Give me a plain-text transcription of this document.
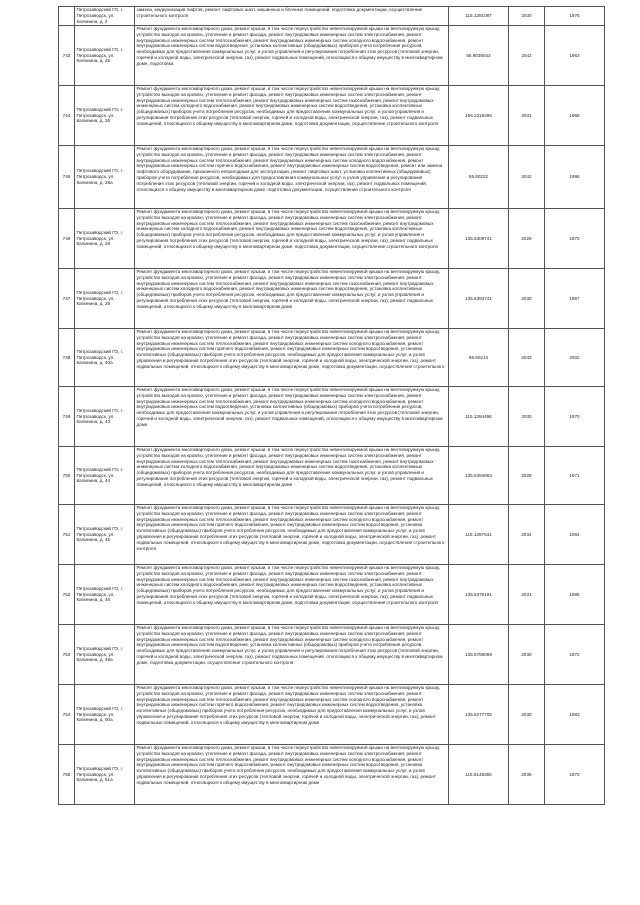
	Петрозаводский ГО, г. Петрозаводск, ул. Калинина, д. 2	замена, модернизация лифтов, ремонт лифтовых шахт, машинных и блочных помещений, подготовка документации, осуществление строительного контроля	115.1391087	2030	1976
743	Петрозаводский ГО, г. Петрозаводск, ул. Калинина, д. 25	Ремонт фундамента многоквартирного дома, ремонт крыши, в том числе переустройство невентилируемой крыши на вентилируемую крышу, устройство выходов на кровлю, утепление и ремонт фасада, ремонт внутридомовых инженерных систем электроснабжения, ремонт внутридомовых инженерных систем теплоснабжения, ремонт внутридомовых инженерных систем холодного водоснабжения, ремонт внутридомовых инженерных систем водоотведения, установка коллективных (общедомовых) приборов учета потребления ресурсов, необходимых для предоставления коммунальных услуг, и узлов управления и регулирования потребления этих ресурсов (тепловой энергии, горячей и холодной воды, электрической энергии, газ), ремонт подвальных помещений, относящихся к общему имуществу в многоквартирном доме, подготовка	65.9039042	2042	1963
744	Петрозаводский ГО, г. Петрозаводск, ул. Калинина, д. 26	Ремонт фундамента многоквартирного дома, ремонт крыши, в том числе переустройство невентилируемой крыши на вентилируемую крышу, устройство выходов на кровлю, утепление и ремонт фасада, ремонт внутридомовых инженерных систем электроснабжения, ремонт внутридомовых инженерных систем теплоснабжения, ремонт внутридомовых инженерных систем газоснабжения, ремонт внутридомовых инженерных систем холодного водоснабжения, ремонт внутридомовых инженерных систем водоотведения, установка коллективных (общедомовых) приборов учета потребления ресурсов, необходимых для предоставления коммунальных услуг, и узлов управления и регулирования потребления этих ресурсов (тепловой энергии, горячей и холодной воды, электрической энергии, газ), ремонт подвальных помещений, относящихся к общему имуществу в многоквартирном доме, подготовка документации, осуществление строительного контроля	156.2219296	2031	1968
745	Петрозаводский ГО, г. Петрозаводск, ул. Калинина, д. 28а	Ремонт фундамента многоквартирного дома, ремонт крыши, в том числе переустройство невентилируемой крыши на вентилируемую крышу, устройство выходов на кровлю, утепление и ремонт фасада, ремонт внутридомовых инженерных систем электроснабжения, ремонт внутридомовых инженерных систем теплоснабжения, ремонт внутридомовых инженерных систем холодного водоснабжения, ремонт внутридомовых инженерных систем горячего водоснабжения, ремонт внутридомовых инженерных систем водоотведения, ремонт или замена лифтового оборудования, признанного непригодным для эксплуатации, ремонт лифтовых шахт, установка коллективных (общедомовых) приборов учета потребления ресурсов, необходимых для предоставления коммунальных услуг, и узлов управления и регулирования потребления этих ресурсов (тепловой энергии, горячей и холодной воды, электрической энергии, газ), ремонт подвальных помещений, относящихся к общему имуществу в многоквартирном доме, подготовка документации, осуществление строительного контроля	65.80222	2042	1998
746	Петрозаводский ГО, г. Петрозаводск, ул. Калинина, д. 28	Ремонт фундамента многоквартирного дома, ремонт крыши, в том числе переустройство невентилируемой крыши на вентилируемую крышу, устройство выходов на кровлю, утепление и ремонт фасада, ремонт внутридомовых инженерных систем электроснабжения, ремонт внутридомовых инженерных систем теплоснабжения, ремонт внутридомовых инженерных систем газоснабжения, ремонт внутридомовых инженерных систем холодного водоснабжения, ремонт внутридомовых инженерных систем водоотведения, установка коллективных (общедомовых) приборов учета потребления ресурсов, необходимых для предоставления коммунальных услуг, и узлов управления и регулирования потребления этих ресурсов (тепловой энергии, горячей и холодной воды, электрической энергии, газ), ремонт подвальных помещений, относящихся к общему имуществу в многоквартирном доме, подготовка документации, осуществление строительного контроля	135.5309741	2029	1970
747	Петрозаводский ГО, г. Петрозаводск, ул. Калинина, д. 29	Ремонт фундамента многоквартирного дома, ремонт крыши, в том числе переустройство невентилируемой крыши на вентилируемую крышу, устройство выходов на кровлю, утепление и ремонт фасада, ремонт внутридомовых инженерных систем электроснабжения, ремонт внутридомовых инженерных систем теплоснабжения, ремонт внутридомовых инженерных систем газоснабжения, ремонт внутридомовых инженерных систем холодного водоснабжения, ремонт внутридомовых инженерных систем водоотведения, установка коллективных (общедомовых) приборов учета потребления ресурсов, необходимых для предоставления коммунальных услуг, и узлов управления и регулирования потребления этих ресурсов (тепловой энергии, горячей и холодной воды, электрической энергии, газ), ремонт подвальных помещений, относящихся к общему имуществу в многоквартирном доме	135.5393741	2030	1967
748	Петрозаводский ГО, г. Петрозаводск, ул. Калинина, д. 40а	Ремонт фундамента многоквартирного дома, ремонт крыши, в том числе переустройство невентилируемой крыши на вентилируемую крышу, устройство выходов на кровлю, утепление и ремонт фасада, ремонт внутридомовых инженерных систем электроснабжения, ремонт внутридомовых инженерных систем теплоснабжения, ремонт внутридомовых инженерных систем холодного водоснабжения, ремонт внутридомовых инженерных систем горячего водоснабжения, ремонт внутридомовых инженерных систем водоотведения, установка коллективных (общедомовых) приборов учета потребления ресурсов, необходимых для предоставления коммунальных услуг, и узлов управления и регулирования потребления этих ресурсов (тепловой энергии, горячей и холодной воды, электрической энергии, газ), ремонт подвальных помещений, относящихся к общему имуществу в многоквартирном доме, подготовка документации, осуществление строительного	65.80214	2043	2002
749	Петрозаводский ГО, г. Петрозаводск, ул. Калинина, д. 43	Ремонт фундамента многоквартирного дома, ремонт крыши, в том числе переустройство невентилируемой крыши на вентилируемую крышу, устройство выходов на кровлю, утепление и ремонт фасада, ремонт внутридомовых инженерных систем электроснабжения, ремонт внутридомовых инженерных систем теплоснабжения, ремонт внутридомовых инженерных систем холодного водоснабжения, ремонт внутридомовых инженерных систем водоотведения, установка коллективных (общедомовых) приборов учета потребления ресурсов, необходимых для предоставления коммунальных услуг, и узлов управления и регулирования потребления этих ресурсов (тепловой энергии, горячей и холодной воды, электрической энергии, газ), ремонт подвальных помещений, относящихся к общему имуществу в многоквартирном доме	115.1394496	2030	1970
750	Петрозаводский ГО, г. Петрозаводск, ул. Калинина, д. 44	Ремонт фундамента многоквартирного дома, ремонт крыши, в том числе переустройство невентилируемой крыши на вентилируемую крышу, устройство выходов на кровлю, утепление и ремонт фасада, ремонт внутридомовых инженерных систем электроснабжения, ремонт внутридомовых инженерных систем теплоснабжения, ремонт внутридомовых инженерных систем газоснабжения, ремонт внутридомовых инженерных систем холодного водоснабжения, ремонт внутридомовых инженерных систем водоотведения, установка коллективных (общедомовых) приборов учета потребления ресурсов, необходимых для предоставления коммунальных услуг, и узлов управления и регулирования потребления этих ресурсов (тепловой энергии, горячей и холодной воды, электрической энергии, газ), ремонт подвальных помещений, относящихся к общему имуществу в многоквартирном доме	135.5394863	2029	1971
751	Петрозаводский ГО, г. Петрозаводск, ул. Калинина, д. 45	Ремонт фундамента многоквартирного дома, ремонт крыши, в том числе переустройство невентилируемой крыши на вентилируемую крышу, устройство выходов на кровлю, утепление и ремонт фасада, ремонт внутридомовых инженерных систем электроснабжения, ремонт внутридомовых инженерных систем теплоснабжения, ремонт внутридомовых инженерных систем холодного водоснабжения, ремонт внутридомовых инженерных систем горячего водоснабжения, ремонт внутридомовых инженерных систем водоотведения, установка коллективных (общедомовых) приборов учета потребления ресурсов, необходимых для предоставления коммунальных услуг, и узлов управления и регулирования потребления этих ресурсов (тепловой энергии, горячей и холодной воды, электрической энергии, газ), ремонт подвальных помещений, относящихся к общему имуществу в многоквартирном доме, подготовка документации, осуществление строительного контроля	115.1397541	2034	1984
752	Петрозаводский ГО, г. Петрозаводск, ул. Калинина, д. 46	Ремонт фундамента многоквартирного дома, ремонт крыши, в том числе переустройство невентилируемой крыши на вентилируемую крышу, устройство выходов на кровлю, утепление и ремонт фасада, ремонт внутридомовых инженерных систем электроснабжения, ремонт внутридомовых инженерных систем теплоснабжения, ремонт внутридомовых инженерных систем газоснабжения, ремонт внутридомовых инженерных систем холодного водоснабжения, ремонт внутридомовых инженерных систем водоотведения, установка коллективных (общедомовых) приборов учета потребления ресурсов, необходимых для предоставления коммунальных услуг, и узлов управления и регулирования потребления этих ресурсов (тепловой энергии, горячей и холодной воды, электрической энергии, газ), ремонт подвальных помещений, относящихся к общему имуществу в многоквартирном доме, подготовка документации, осуществление строительного контроля	135.5376191	2031	1985
753	Петрозаводский ГО, г. Петрозаводск, ул. Калинина, д. 48а	Ремонт фундамента многоквартирного дома, ремонт крыши, в том числе переустройство невентилируемой крыши на вентилируемую крышу, устройство выходов на кровлю, утепление и ремонт фасада, ремонт внутридомовых инженерных систем электроснабжения, ремонт внутридомовых инженерных систем теплоснабжения, ремонт внутридомовых инженерных систем холодного водоснабжения, ремонт внутридомовых инженерных систем водоотведения, установка коллективных (общедомовых) приборов учета потребления ресурсов, необходимых для предоставления коммунальных услуг, и узлов управления и регулирования потребления этих ресурсов (тепловой энергии, горячей и холодной воды, электрической энергии, газ), ремонт подвальных помещений, относящихся к общему имуществу в многоквартирном доме, подготовка документации, осуществление строительного контроля	135.5759069	2030	1972
754	Петрозаводский ГО, г. Петрозаводск, ул. Калинина, д. 50а	Ремонт фундамента многоквартирного дома, ремонт крыши, в том числе переустройство невентилируемой крыши на вентилируемую крышу, устройство выходов на кровлю, утепление и ремонт фасада, ремонт внутридомовых инженерных систем электроснабжения, ремонт внутридомовых инженерных систем теплоснабжения, ремонт внутридомовых инженерных систем холодного водоснабжения, ремонт внутридомовых инженерных систем горячего водоснабжения, ремонт внутридомовых инженерных систем водоотведения, установка коллективных (общедомовых) приборов учета потребления ресурсов, необходимых для предоставления коммунальных услуг, и узлов управления и регулирования потребления этих ресурсов (тепловой энергии, горячей и холодной воды, электрической энергии, газ), ремонт подвальных помещений, относящихся к общему имуществу в многоквартирном доме	135.5277705	2030	1983
755	Петрозаводский ГО, г. Петрозаводск, ул. Калинина, д. 51а	Ремонт фундамента многоквартирного дома, ремонт крыши, в том числе переустройство невентилируемой крыши на вентилируемую крышу, устройство выходов на кровлю, утепление и ремонт фасада, ремонт внутридомовых инженерных систем электроснабжения, ремонт внутридомовых инженерных систем теплоснабжения, ремонт внутридомовых инженерных систем холодного водоснабжения, ремонт внутридомовых инженерных систем горячего водоснабжения, ремонт внутридомовых инженерных систем водоотведения, установка коллективных (общедомовых) приборов учета потребления ресурсов, необходимых для предоставления коммунальных услуг, и узлов управления и регулирования потребления этих ресурсов (тепловой энергии, горячей и холодной воды, электрической энергии, газ), ремонт подвальных помещений, относящихся к общему имуществу в многоквартирном доме	115.5148355	2036	1973
